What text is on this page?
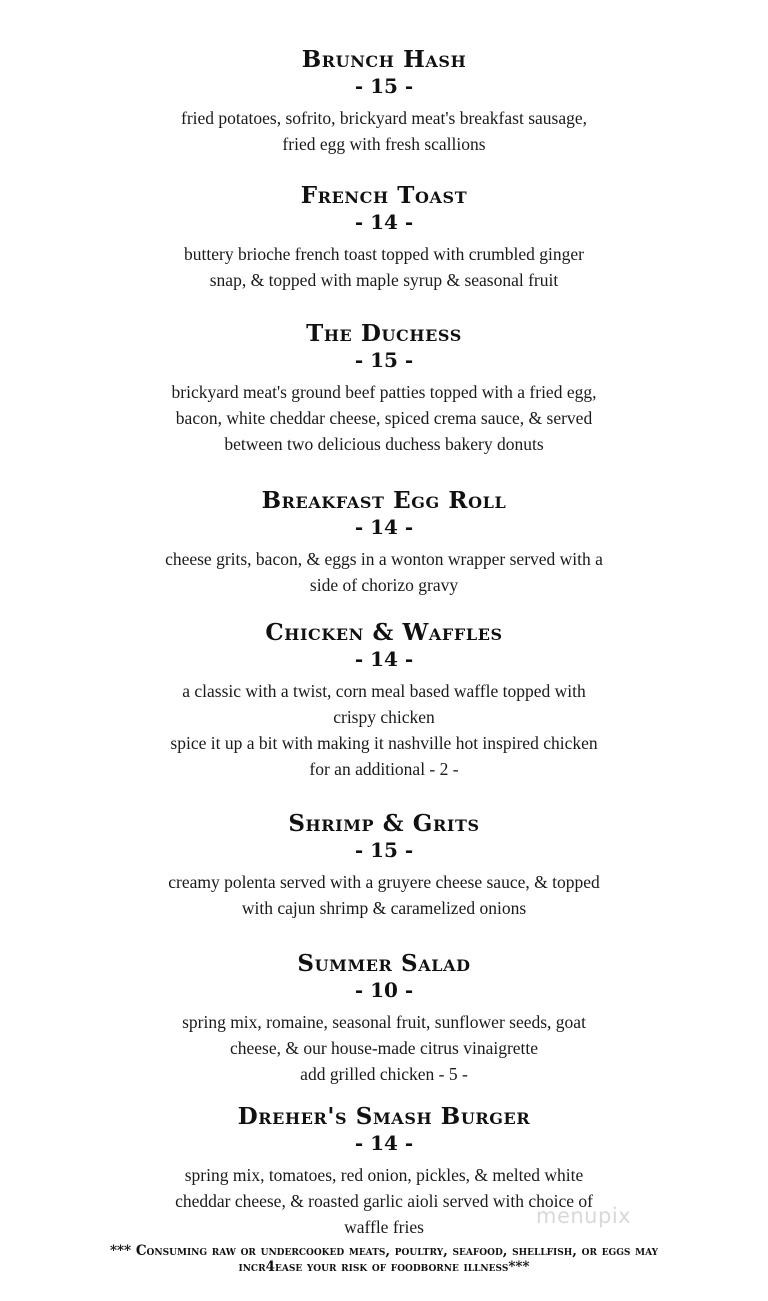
Brunch Hash
- 15 -
fried potatoes, sofrito, brickyard meat's breakfast sausage,
fried egg with fresh scallions
French Toast
- 14 -
buttery brioche french toast topped with crumbled ginger
snap, & topped with maple syrup & seasonal fruit
The Duchess
- 15 -
brickyard meat's ground beef patties topped with a fried egg,
bacon, white cheddar cheese, spiced crema sauce, & served
between two delicious duchess bakery donuts
Breakfast Egg Roll
- 14 -
cheese grits, bacon, & eggs in a wonton wrapper served with a
side of chorizo gravy
Chicken & Waffles
- 14 -
a classic with a twist, corn meal based waffle topped with
crispy chicken
spice it up a bit with making it nashville hot inspired chicken
for an additional - 2 -
Shrimp & Grits
- 15 -
creamy polenta served with a gruyere cheese sauce, & topped
with cajun shrimp & caramelized onions
Summer Salad
- 10 -
spring mix, romaine, seasonal fruit, sunflower seeds, goat
cheese, & our house-made citrus vinaigrette
add grilled chicken - 5 -
Dreher's Smash Burger
- 14 -
spring mix, tomatoes, red onion, pickles, & melted white
cheddar cheese, & roasted garlic aioli served with choice of
waffle fries	menupix
*** Consuming raw or undercooked meats, poultry, seafood, shellfish, or eggs may
incr4ease your risk of foodborne illness***
